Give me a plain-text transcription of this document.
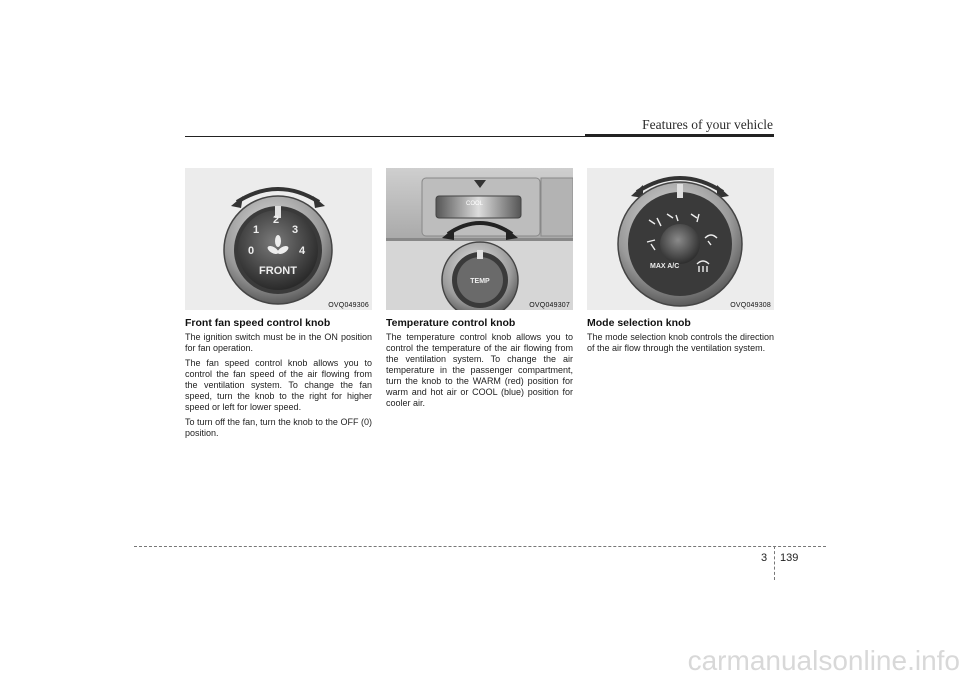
Features of your vehicle
1
2
3
0	4
FRONT
OVQ049306
COOL
TEMP
OVQ049307
MAX A/C
OVQ049308
Front fan speed control knob

The ignition switch must be in the ON position for fan operation.

The fan speed control knob allows you to control the fan speed of the air flowing from the ventilation system. To change the fan speed, turn the knob to the right for higher speed or left for lower speed.

To turn off the fan, turn the knob to the OFF (0) position.

Temperature control knob

The temperature control knob allows you to control the temperature of the air flowing from the ventilation system. To change the air temperature in the passenger compartment, turn the knob to the WARM (red) position for warm and hot air or COOL (blue) position for cooler air.

Mode selection knob

The mode selection knob controls the direction of the air flow through the ventilation system.

3 139
carmanualsonline.info
